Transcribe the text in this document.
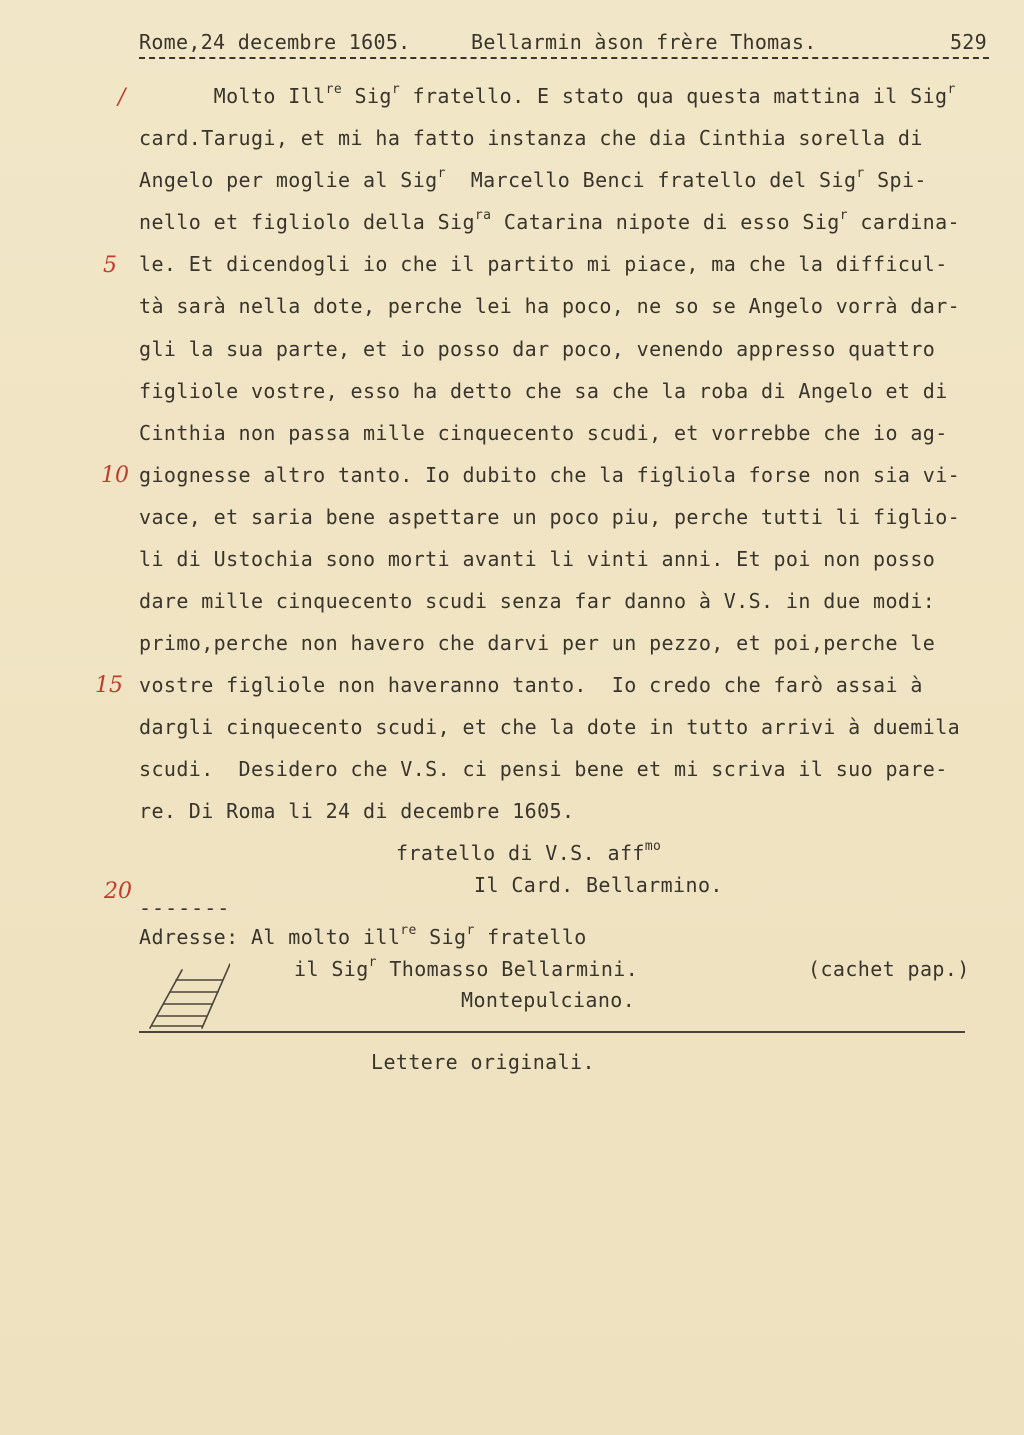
Rome,24 decembre 1605.	Bellarmin àson frère Thomas.	529
/
5
10
15
20
Molto Ill$^{re}$ Sig$^r$ fratello. E stato qua questa mattina il Sig$^r$
card.Tarugi, et mi ha fatto instanza che dia Cinthia sorella di
Angelo per moglie al Sig$^r$  Marcello Benci fratello del Sig$^r$ Spi-
nello et figliolo della Sig$^{ra}$ Catarina nipote di esso Sig$^r$ cardina-
le. Et dicendogli io che il partito mi piace, ma che la difficul-
tà sarà nella dote, perche lei ha poco, ne so se Angelo vorrà dar-
gli la sua parte, et io posso dar poco, venendo appresso quattro
figliole vostre, esso ha detto che sa che la roba di Angelo et di
Cinthia non passa mille cinquecento scudi, et vorrebbe che io ag-
giognesse altro tanto. Io dubito che la figliola forse non sia vi-
vace, et saria bene aspettare un poco piu, perche tutti li figlio-
li di Ustochia sono morti avanti li vinti anni. Et poi non posso
dare mille cinquecento scudi senza far danno à V.S. in due modi:
primo,perche non havero che darvi per un pezzo, et poi,perche le
vostre figliole non haveranno tanto.  Io credo che farò assai à
dargli cinquecento scudi, et che la dote in tutto arrivi à duemila
scudi.  Desidero che V.S. ci pensi bene et mi scriva il suo pare-
re. Di Roma li 24 di decembre 1605.
fratello di V.S. aff$^{mo}$
Il Card. Bellarmino.
-------
Adresse: Al molto ill$^{re}$ Sig$^r$ fratello
il Sig$^r$ Thomasso Bellarmini.
Montepulciano.
(cachet pap.)
Lettere originali.
